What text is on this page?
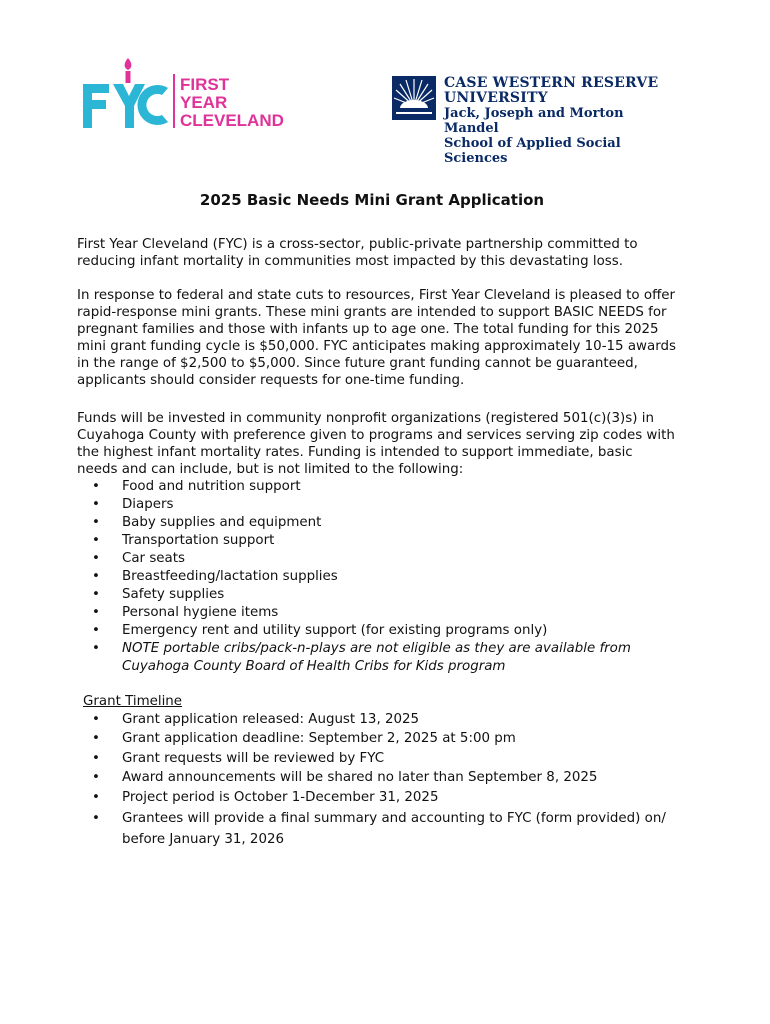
FIRST
YEAR
CLEVELAND
CASE WESTERN RESERVE
UNIVERSITY
Jack, Joseph and Morton Mandel
School of Applied Social Sciences
2025 Basic Needs Mini Grant Application
First Year Cleveland (FYC) is a cross-sector, public-private partnership committed to reducing infant mortality in communities most impacted by this devastating loss.
In response to federal and state cuts to resources, First Year Cleveland is pleased to offer rapid-response mini grants. These mini grants are intended to support BASIC NEEDS for pregnant families and those with infants up to age one. The total funding for this 2025 mini grant funding cycle is $50,000. FYC anticipates making approximately 10-15 awards in the range of $2,500 to $5,000. Since future grant funding cannot be guaranteed, applicants should consider requests for one-time funding.
Funds will be invested in community nonprofit organizations (registered 501(c)(3)s) in Cuyahoga County with preference given to programs and services serving zip codes with the highest infant mortality rates. Funding is intended to support immediate, basic needs and can include, but is not limited to the following:
• Food and nutrition support
• Diapers
• Baby supplies and equipment
• Transportation support
• Car seats
• Breastfeeding/lactation supplies
• Safety supplies
• Personal hygiene items
• Emergency rent and utility support (for existing programs only)
• NOTE portable cribs/pack-n-plays are not eligible as they are available from Cuyahoga County Board of Health Cribs for Kids program
Grant Timeline
• Grant application released: August 13, 2025
• Grant application deadline: September 2, 2025 at 5:00 pm
• Grant requests will be reviewed by FYC
• Award announcements will be shared no later than September 8, 2025
• Project period is October 1-December 31, 2025
• Grantees will provide a final summary and accounting to FYC (form provided) on/ before January 31, 2026
